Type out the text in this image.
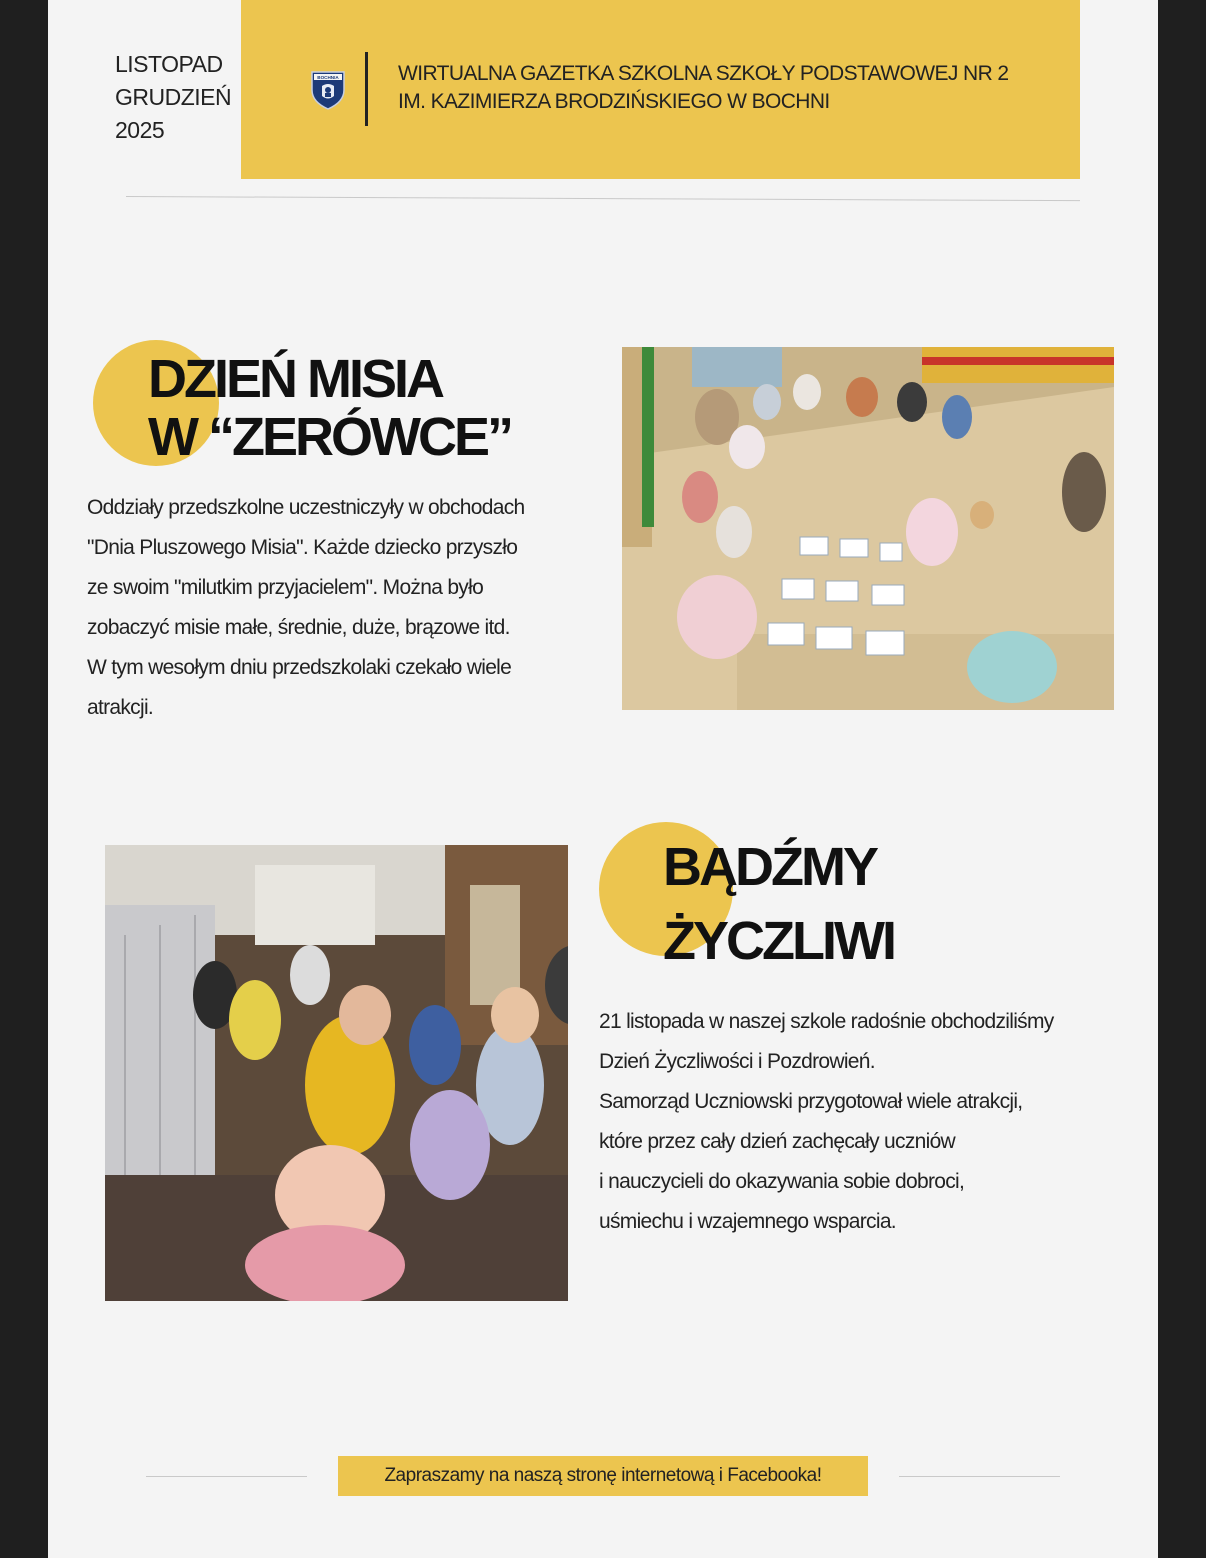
LISTOPAD
GRUDZIEŃ
2025
BOCHNIA	WIRTUALNA GAZETKA SZKOLNA SZKOŁY PODSTAWOWEJ NR 2
IM. KAZIMIERZA BRODZIŃSKIEGO W BOCHNI
DZIEŃ MISIA
W “ZERÓWCE”
Oddziały przedszkolne uczestniczyły w obchodach
"Dnia Pluszowego Misia". Każde dziecko przyszło
ze swoim "milutkim przyjacielem". Można było
zobaczyć misie małe, średnie, duże, brązowe itd.
W tym wesołym dniu przedszkolaki czekało wiele
atrakcji.
BĄDŹMY
ŻYCZLIWI
21 listopada w naszej szkole radośnie obchodziliśmy
Dzień Życzliwości i Pozdrowień.
Samorząd Uczniowski przygotował wiele atrakcji,
które przez cały dzień zachęcały uczniów
i nauczycieli do okazywania sobie dobroci,
uśmiechu i wzajemnego wsparcia.
Zapraszamy na naszą stronę internetową i Facebooka!
